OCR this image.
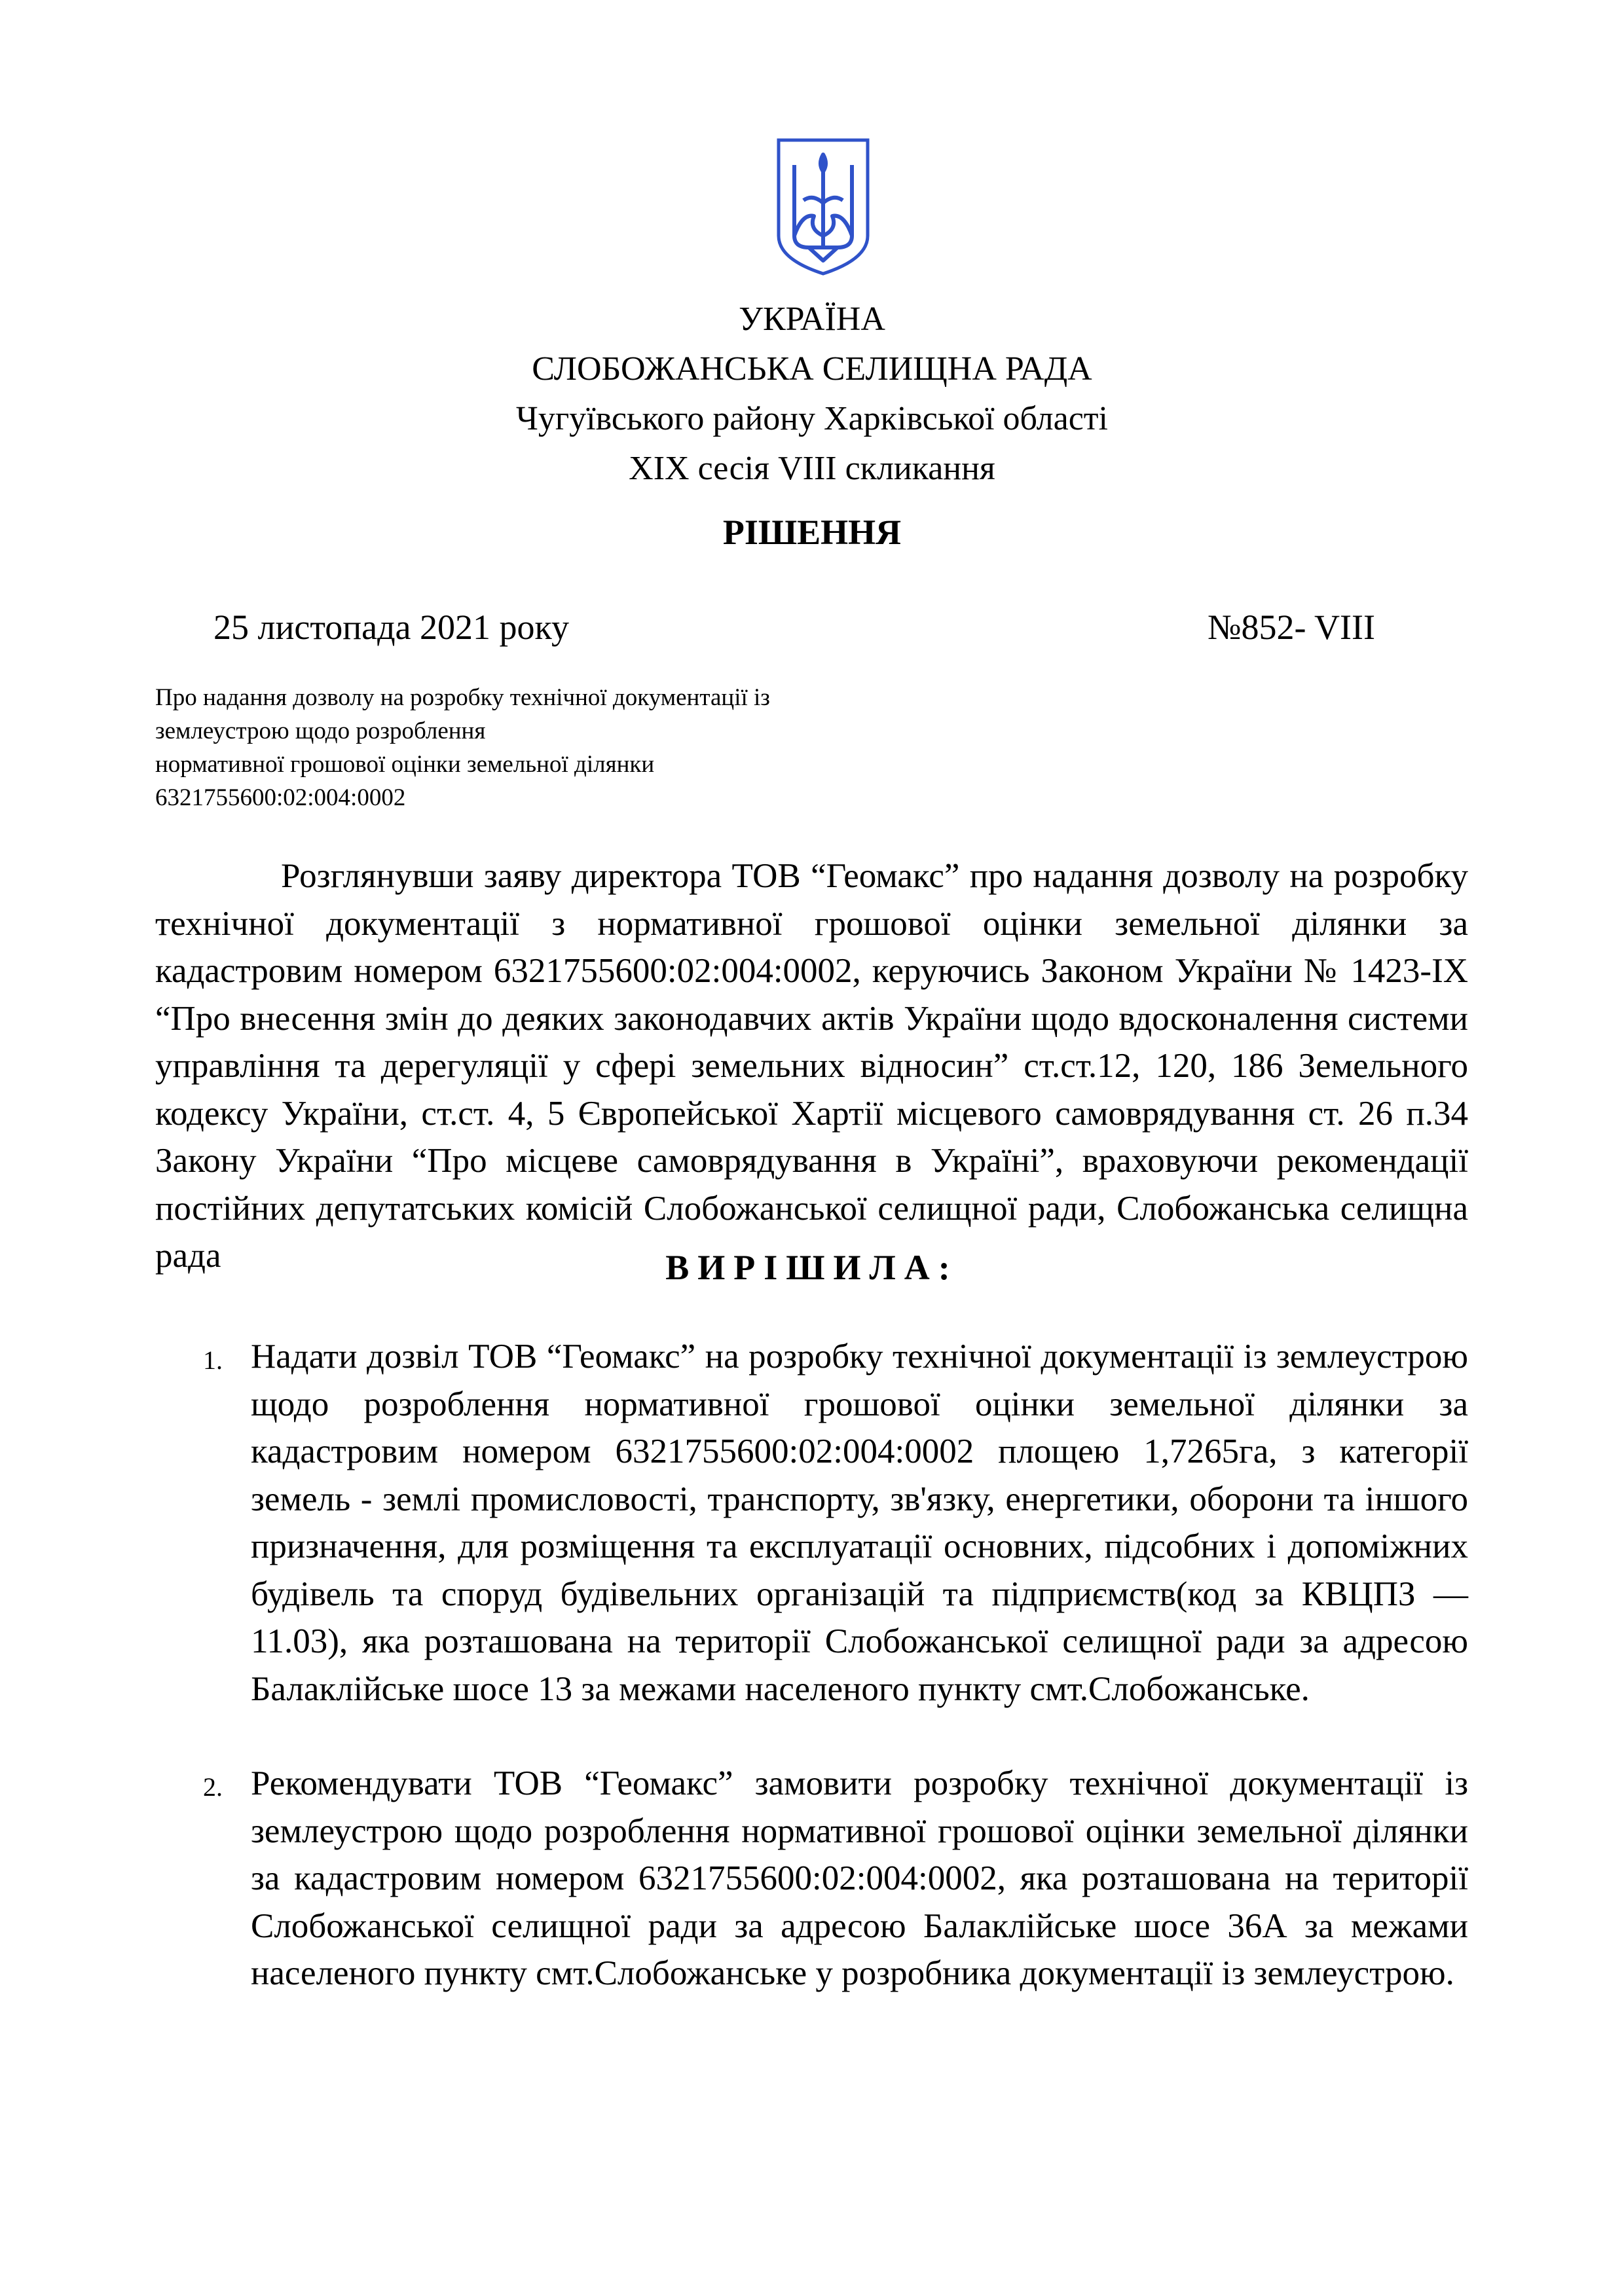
УКРАЇНА
СЛОБОЖАНСЬКА СЕЛИЩНА РАДА
Чугуївського району Харківської області
XIX сесія VIII скликання
РІШЕННЯ
25 листопада 2021 року	№852- VIII
Про надання дозволу на розробку технічної документації із
землеустрою щодо розроблення
нормативної грошової оцінки земельної ділянки
6321755600:02:004:0002
Розглянувши заяву директора ТОВ “Геомакс” про надання дозволу на розробку технічної документації з нормативної грошової оцінки земельної ділянки за кадастровим номером 6321755600:02:004:0002, керуючись Законом України № 1423-IX “Про внесення змін до деяких законодавчих актів України щодо вдосконалення системи управління та дерегуляції у сфері земельних відносин” ст.ст.12, 120, 186 Земельного кодексу України, ст.ст. 4, 5 Європейської Хартії місцевого самоврядування ст. 26 п.34 Закону України “Про місцеве самоврядування в Україні”, враховуючи рекомендації постійних депутатських комісій Слобожанської селищної ради, Слобожанська селищна рада	ВИРІШИЛА:
1. Надати дозвіл ТОВ “Геомакс” на розробку технічної документації із землеустрою щодо розроблення нормативної грошової оцінки земельної ділянки за кадастровим номером 6321755600:02:004:0002 площею 1,7265га, з категорії земель - землі промисловості, транспорту, зв'язку, енергетики, оборони та іншого призначення, для розміщення та експлуатації основних, підсобних і допоміжних будівель та споруд будівельних організацій та підприємств(код за КВЦПЗ — 11.03), яка розташована на території Слобожанської селищної ради за адресою Балаклійське шосе 13 за межами населеного пункту смт.Слобожанське.
2. Рекомендувати ТОВ “Геомакс” замовити розробку технічної документації із землеустрою щодо розроблення нормативної грошової оцінки земельної ділянки за кадастровим номером 6321755600:02:004:0002, яка розташована на території Слобожанської селищної ради за адресою Балаклійське шосе 36А за межами населеного пункту смт.Слобожанське у розробника документації із землеустрою.
